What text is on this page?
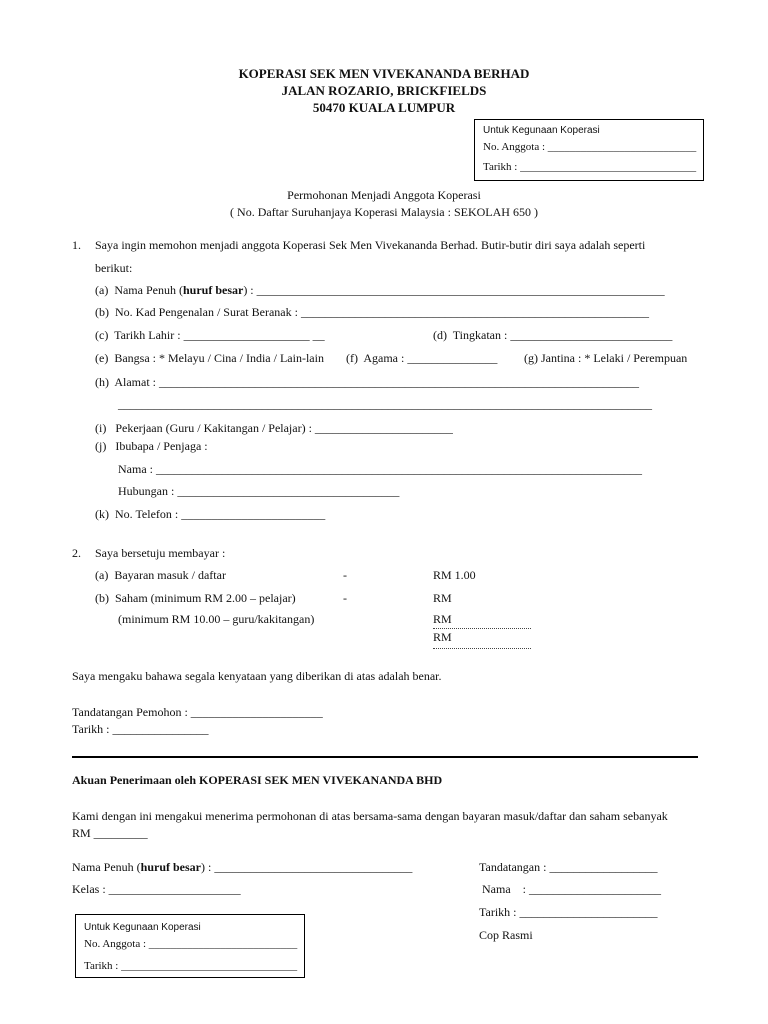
KOPERASI SEK MEN VIVEKANANDA BERHAD
JALAN ROZARIO, BRICKFIELDS
50470 KUALA LUMPUR
Untuk Kegunaan Koperasi
No. Anggota : ___________________________
Tarikh : ________________________________
Permohonan Menjadi Anggota Koperasi
( No. Daftar Suruhanjaya Koperasi Malaysia : SEKOLAH 650 )
1. Saya ingin memohon menjadi anggota Koperasi Sek Men Vivekananda Berhad. Butir-butir diri saya adalah seperti
berikut:
(a)  Nama Penuh (huruf besar) : ____________________________________________________________________
(b)  No. Kad Pengenalan / Surat Beranak : __________________________________________________________
(c)  Tarikh Lahir : _____________________ __	(d)  Tingkatan : ___________________________
(e)  Bangsa : * Melayu / Cina / India / Lain-lain (f)  Agama : _______________ (g) Jantina : * Lelaki / Perempuan
(h)  Alamat : ________________________________________________________________________________
_________________________________________________________________________________________
(i)   Pekerjaan (Guru / Kakitangan / Pelajar) : _______________________
(j)   Ibubapa / Penjaga :
Nama : _________________________________________________________________________________
Hubungan : _____________________________________
(k)  No. Telefon : ________________________
2. Saya bersetuju membayar :
(a)  Bayaran masuk / daftar	-	RM 1.00
(b)  Saham (minimum RM 2.00 – pelajar)	-	RM
(minimum RM 10.00 – guru/kakitangan)	RM
RM
Saya mengaku bahawa segala kenyataan yang diberikan di atas adalah benar.
Tandatangan Pemohon : ______________________
Tarikh : ________________
Akuan Penerimaan oleh KOPERASI SEK MEN VIVEKANANDA BHD
Kami dengan ini mengakui menerima permohonan di atas bersama-sama dengan bayaran masuk/daftar dan saham sebanyak
RM _________
Nama Penuh (huruf besar) : _________________________________
Kelas : ______________________
Tandatangan : __________________
Nama    : ______________________
Tarikh : _______________________
Cop Rasmi
Untuk Kegunaan Koperasi
No. Anggota : ___________________________
Tarikh : ________________________________
